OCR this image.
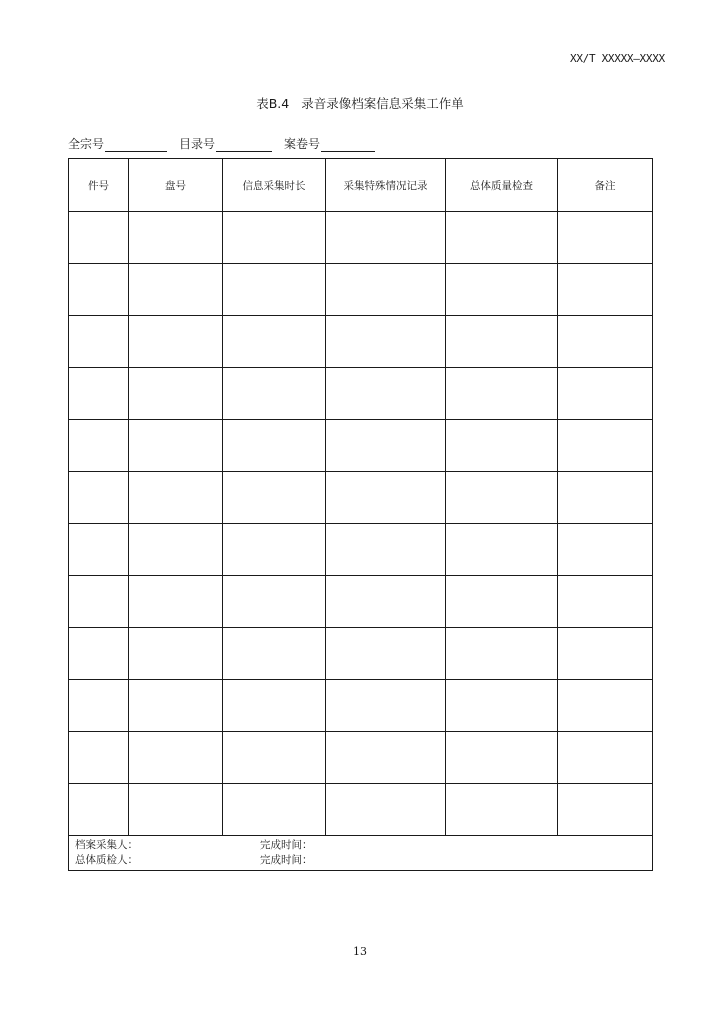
XX/T XXXXX—XXXX
表B.4 录音录像档案信息采集工作单
全宗号	目录号	案卷号
件号	盘号	信息采集时长	采集特殊情况记录	总体质量检查	备注

档案采集人： 完成时间：
总体质检人： 完成时间：					
13
